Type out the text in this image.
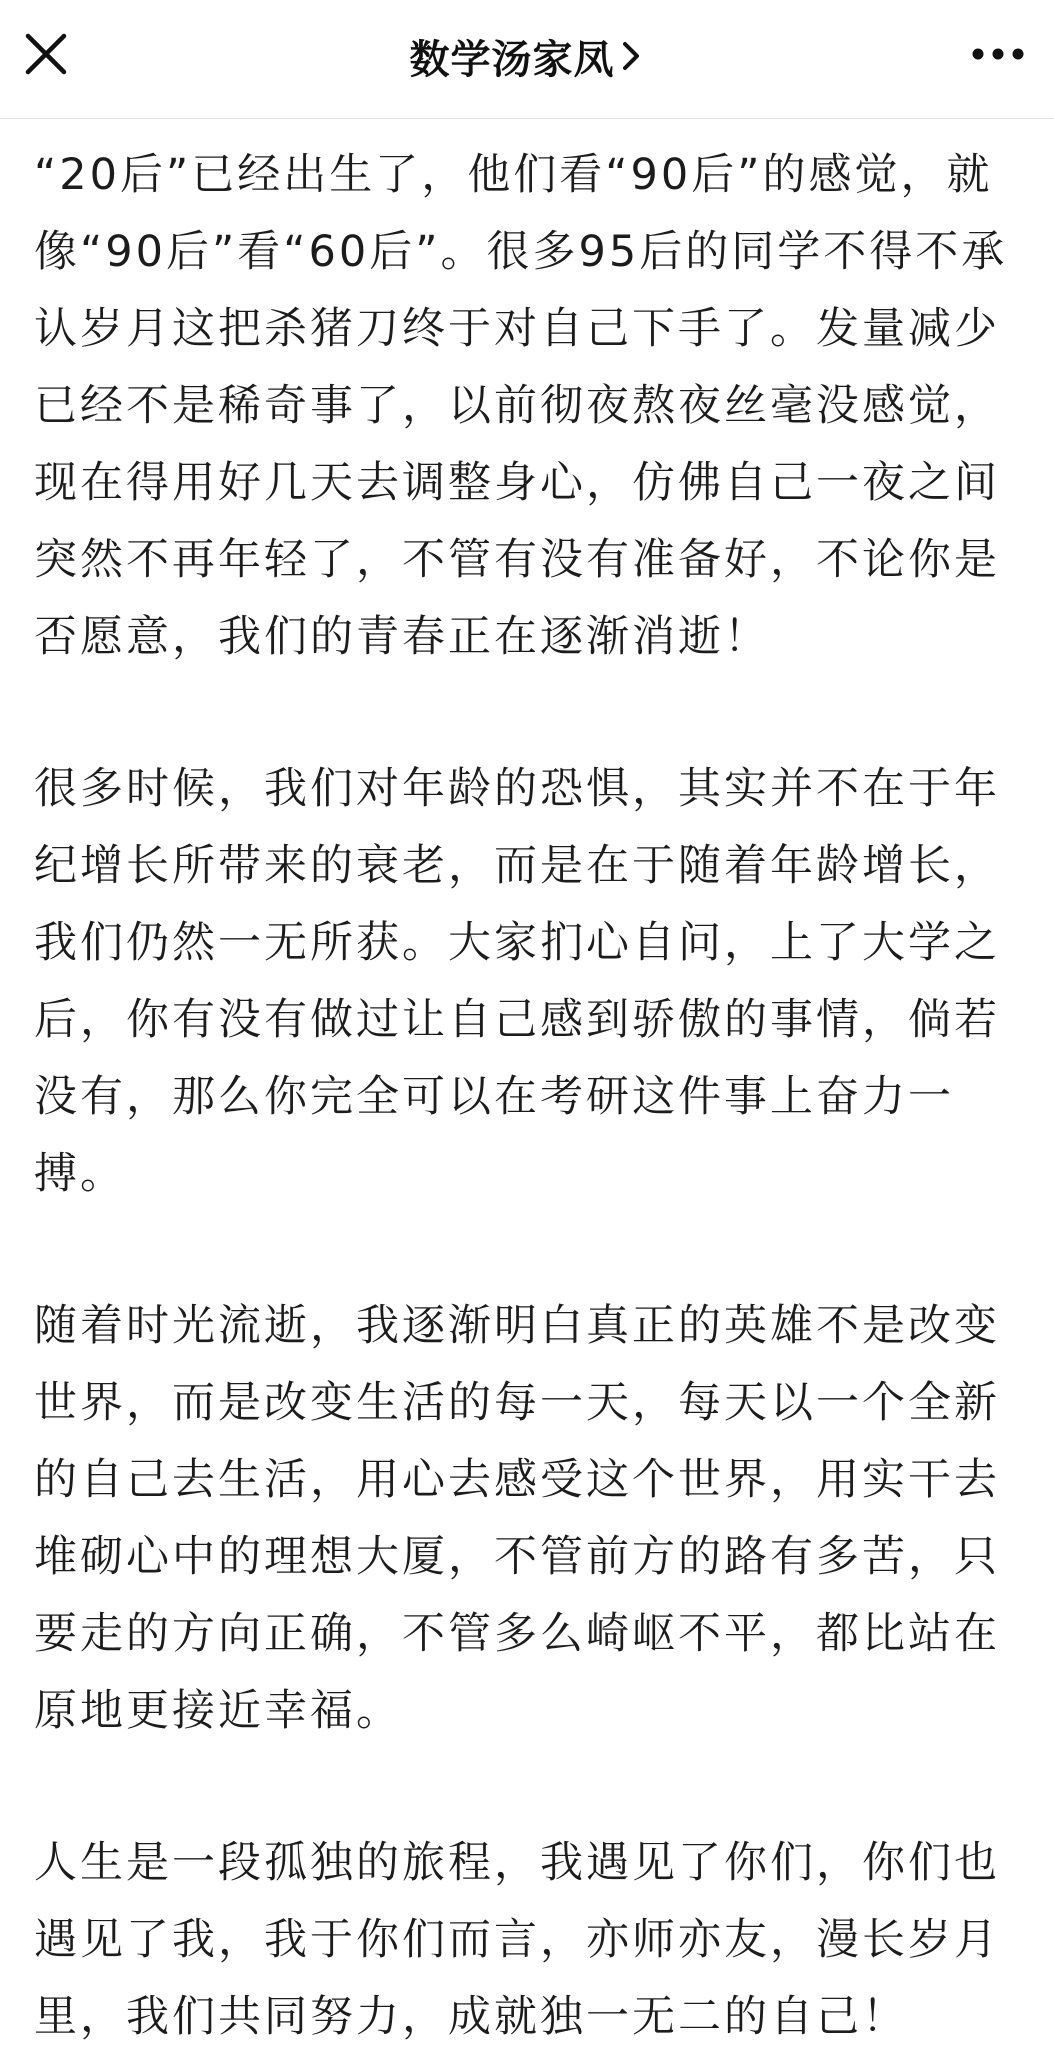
数学汤家凤

“20后”已经出生了，他们看“90后”的感觉，就像“90后”看“60后”。很多95后的同学不得不承认岁月这把杀猪刀终于对自己下手了。发量减少已经不是稀奇事了，以前彻夜熬夜丝毫没感觉，现在得用好几天去调整身心，仿佛自己一夜之间突然不再年轻了，不管有没有准备好，不论你是否愿意，我们的青春正在逐渐消逝！

很多时候，我们对年龄的恐惧，其实并不在于年纪增长所带来的衰老，而是在于随着年龄增长，我们仍然一无所获。大家扪心自问，上了大学之后，你有没有做过让自己感到骄傲的事情，倘若没有，那么你完全可以在考研这件事上奋力一搏。

随着时光流逝，我逐渐明白真正的英雄不是改变世界，而是改变生活的每一天，每天以一个全新的自己去生活，用心去感受这个世界，用实干去堆砌心中的理想大厦，不管前方的路有多苦，只要走的方向正确，不管多么崎岖不平，都比站在原地更接近幸福。

人生是一段孤独的旅程，我遇见了你们，你们也遇见了我，我于你们而言，亦师亦友，漫长岁月里，我们共同努力，成就独一无二的自己！
